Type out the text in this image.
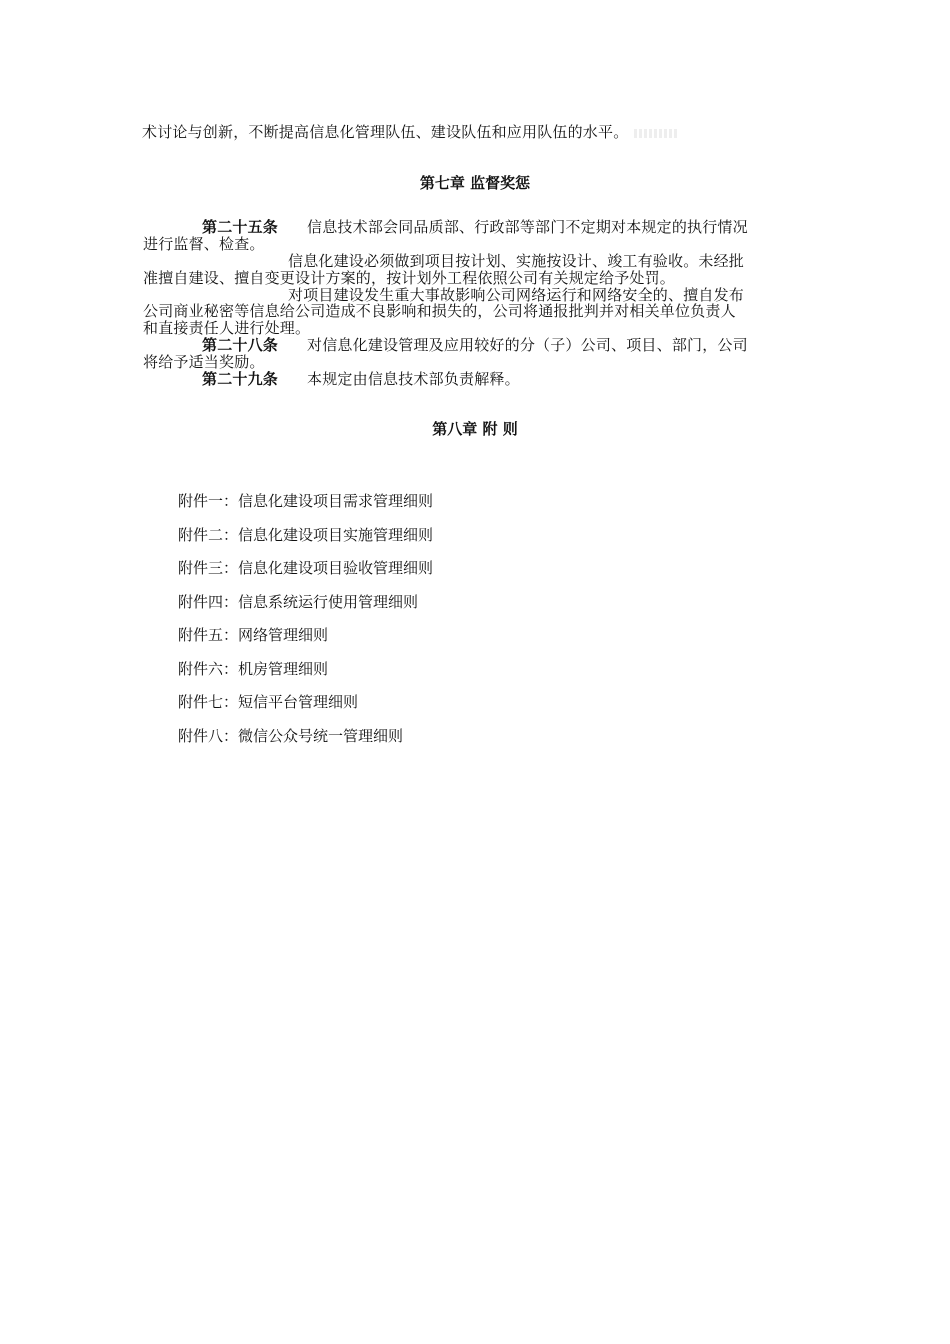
术讨论与创新，不断提高信息化管理队伍、建设队伍和应用队伍的水平。
第七章 监督奖惩
第二十五条 信息技术部会同品质部、行政部等部门不定期对本规定的执行情况
进行监督、检查。
信息化建设必须做到项目按计划、实施按设计、竣工有验收。未经批
准擅自建设、擅自变更设计方案的，按计划外工程依照公司有关规定给予处罚。
对项目建设发生重大事故影响公司网络运行和网络安全的、擅自发布
公司商业秘密等信息给公司造成不良影响和损失的，公司将通报批判并对相关单位负责人
和直接责任人进行处理。
第二十八条 对信息化建设管理及应用较好的分（子）公司、项目、部门，公司
将给予适当奖励。
第二十九条 本规定由信息技术部负责解释。
第八章 附 则
附件一：信息化建设项目需求管理细则
附件二：信息化建设项目实施管理细则
附件三：信息化建设项目验收管理细则
附件四：信息系统运行使用管理细则
附件五：网络管理细则
附件六：机房管理细则
附件七：短信平台管理细则
附件八：微信公众号统一管理细则
